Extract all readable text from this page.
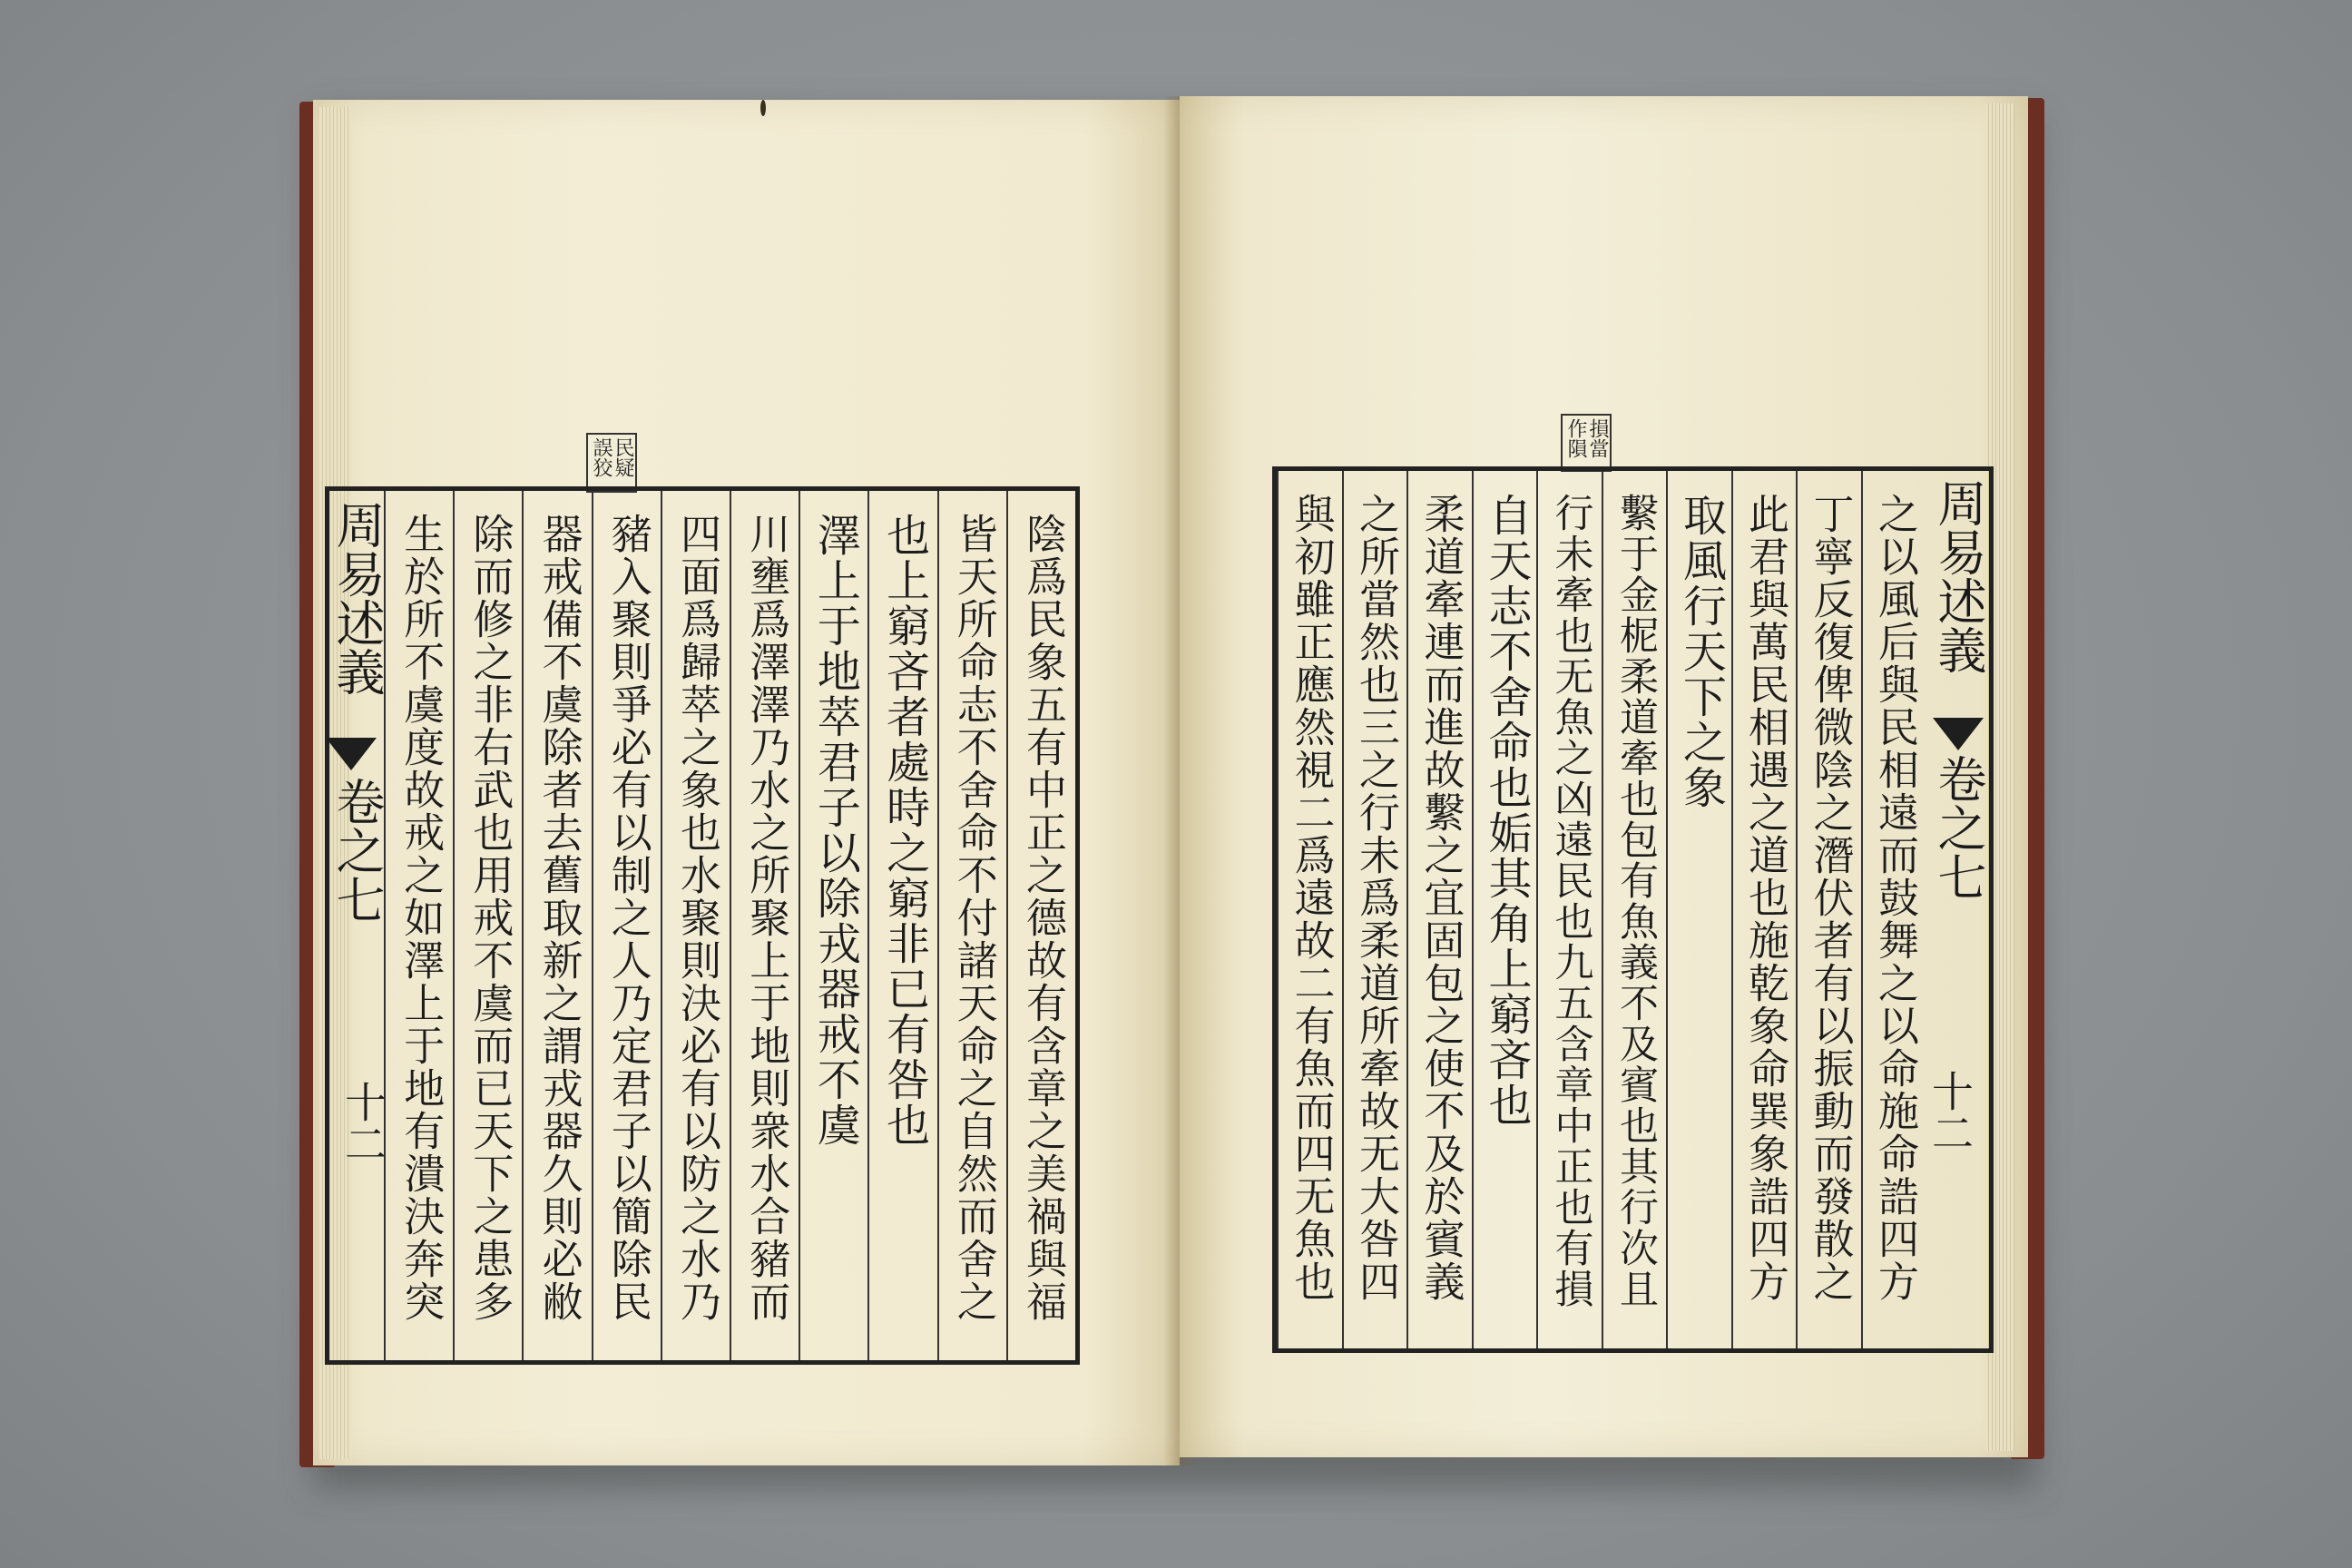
民疑誤狡
周易述義
卷之七
十二	陰爲民象五有中正之德故有含章之美禍與福
皆天所命志不舍命不付諸天命之自然而舍之
也上窮吝者處時之窮非已有咎也
澤上于地萃君子以除戎器戒不虞
川壅爲澤澤乃水之所聚上于地則衆水合豬而
四面爲歸萃之象也水聚則決必有以防之水乃
豬入聚則爭必有以制之人乃定君子以簡除民
器戒備不虞除者去舊取新之謂戎器久則必敝
除而修之非右武也用戒不虞而已天下之患多
生於所不虞度故戒之如澤上于地有潰決奔突
損當作隕
之以風后與民相遠而鼓舞之以命施命誥四方
丁寧反復俾微陰之潛伏者有以振動而發散之
此君與萬民相遇之道也施乾象命巽象誥四方
取風行天下之象
繫于金柅柔道牽也包有魚義不及賓也其行次且
行未牽也无魚之凶遠民也九五含章中正也有損
自天志不舍命也姤其角上窮吝也
柔道牽連而進故繫之宜固包之使不及於賓義
之所當然也三之行未爲柔道所牽故无大咎四
與初雖正應然視二爲遠故二有魚而四无魚也	周易述義
卷之七
十二
